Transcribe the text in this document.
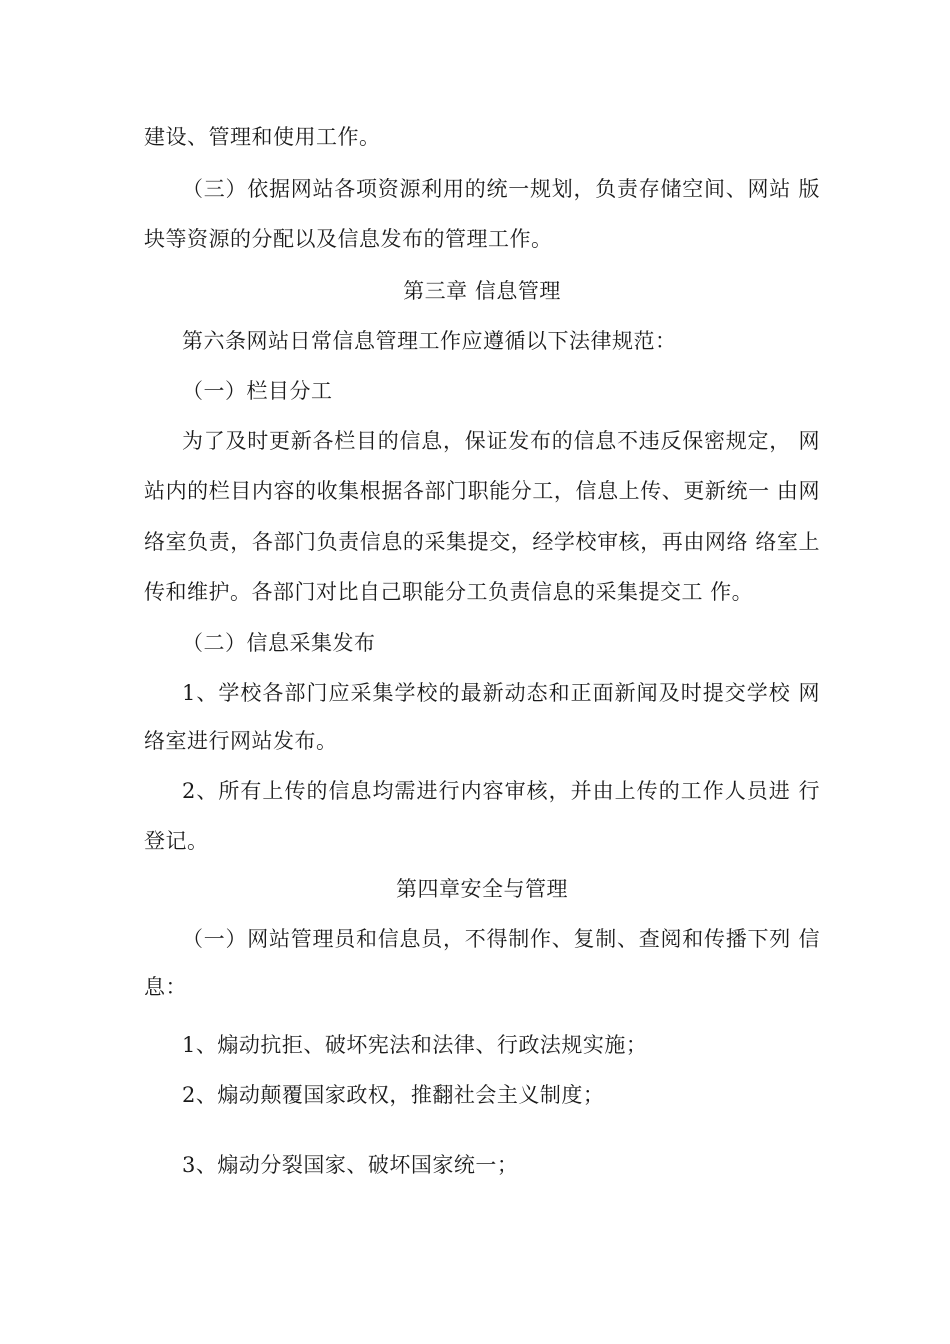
建设、管理和使用工作。
（三）依据网站各项资源利用的统一规划，负责存储空间、网站 版
块等资源的分配以及信息发布的管理工作。
第三章 信息管理
第六条网站日常信息管理工作应遵循以下法律规范：
（一）栏目分工
为了及时更新各栏目的信息，保证发布的信息不违反保密规定， 网
站内的栏目内容的收集根据各部门职能分工，信息上传、更新统一 由网
络室负责，各部门负责信息的采集提交，经学校审核，再由网络 络室上
传和维护。各部门对比自己职能分工负责信息的采集提交工 作。
（二）信息采集发布
1、学校各部门应采集学校的最新动态和正面新闻及时提交学校 网
络室进行网站发布。
2、所有上传的信息均需进行内容审核，并由上传的工作人员进 行
登记。
第四章安全与管理
（一）网站管理员和信息员，不得制作、复制、查阅和传播下列 信
息：
1、煽动抗拒、破坏宪法和法律、行政法规实施；
2、煽动颠覆国家政权，推翻社会主义制度；
3、煽动分裂国家、破坏国家统一；
